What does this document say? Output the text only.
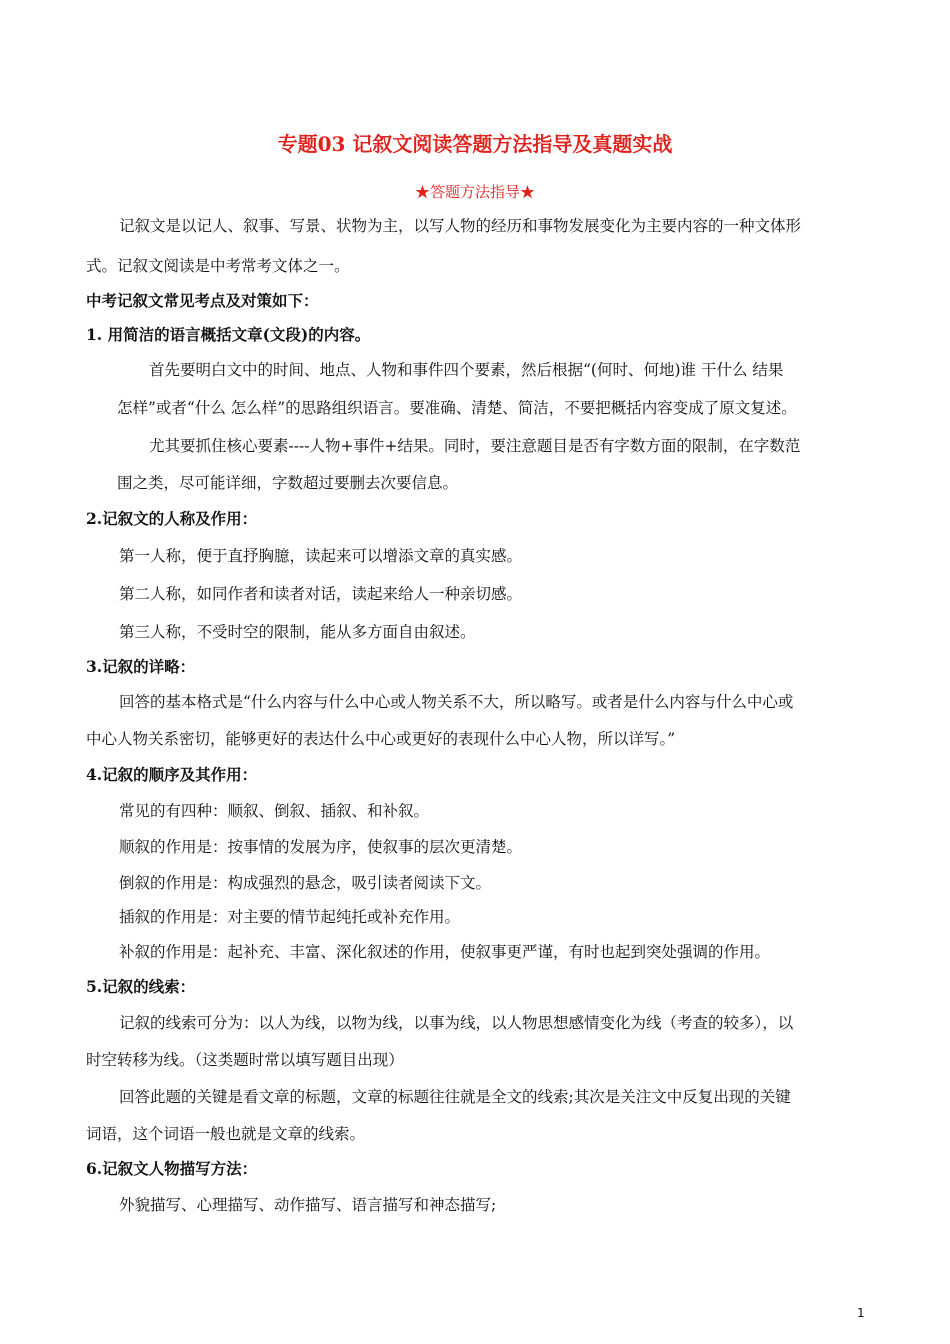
专题03 记叙文阅读答题方法指导及真题实战
★答题方法指导★
记叙文是以记人、叙事、写景、状物为主，以写人物的经历和事物发展变化为主要内容的一种文体形
式。记叙文阅读是中考常考文体之一。
中考记叙文常见考点及对策如下：
1. 用简洁的语言概括文章(文段)的内容。
首先要明白文中的时间、地点、人物和事件四个要素，然后根据“(何时、何地)谁 干什么 结果
怎样”或者“什么 怎么样”的思路组织语言。要准确、清楚、简洁，不要把概括内容变成了原文复述。
尤其要抓住核心要素----人物+事件+结果。同时，要注意题目是否有字数方面的限制，在字数范
围之类，尽可能详细，字数超过要删去次要信息。
2.记叙文的人称及作用：
第一人称，便于直抒胸臆，读起来可以增添文章的真实感。
第二人称，如同作者和读者对话，读起来给人一种亲切感。
第三人称，不受时空的限制，能从多方面自由叙述。
3.记叙的详略：
回答的基本格式是“什么内容与什么中心或人物关系不大，所以略写。或者是什么内容与什么中心或
中心人物关系密切，能够更好的表达什么中心或更好的表现什么中心人物，所以详写。”
4.记叙的顺序及其作用：
常见的有四种：顺叙、倒叙、插叙、和补叙。
顺叙的作用是：按事情的发展为序，使叙事的层次更清楚。
倒叙的作用是：构成强烈的悬念，吸引读者阅读下文。
插叙的作用是：对主要的情节起纯托或补充作用。
补叙的作用是：起补充、丰富、深化叙述的作用，使叙事更严谨，有时也起到突处强调的作用。
5.记叙的线索：
记叙的线索可分为：以人为线，以物为线，以事为线，以人物思想感情变化为线（考查的较多），以
时空转移为线。（这类题时常以填写题目出现）
回答此题的关键是看文章的标题，文章的标题往往就是全文的线索;其次是关注文中反复出现的关键
词语，这个词语一般也就是文章的线索。
6.记叙文人物描写方法：
外貌描写、心理描写、动作描写、语言描写和神态描写;
1
